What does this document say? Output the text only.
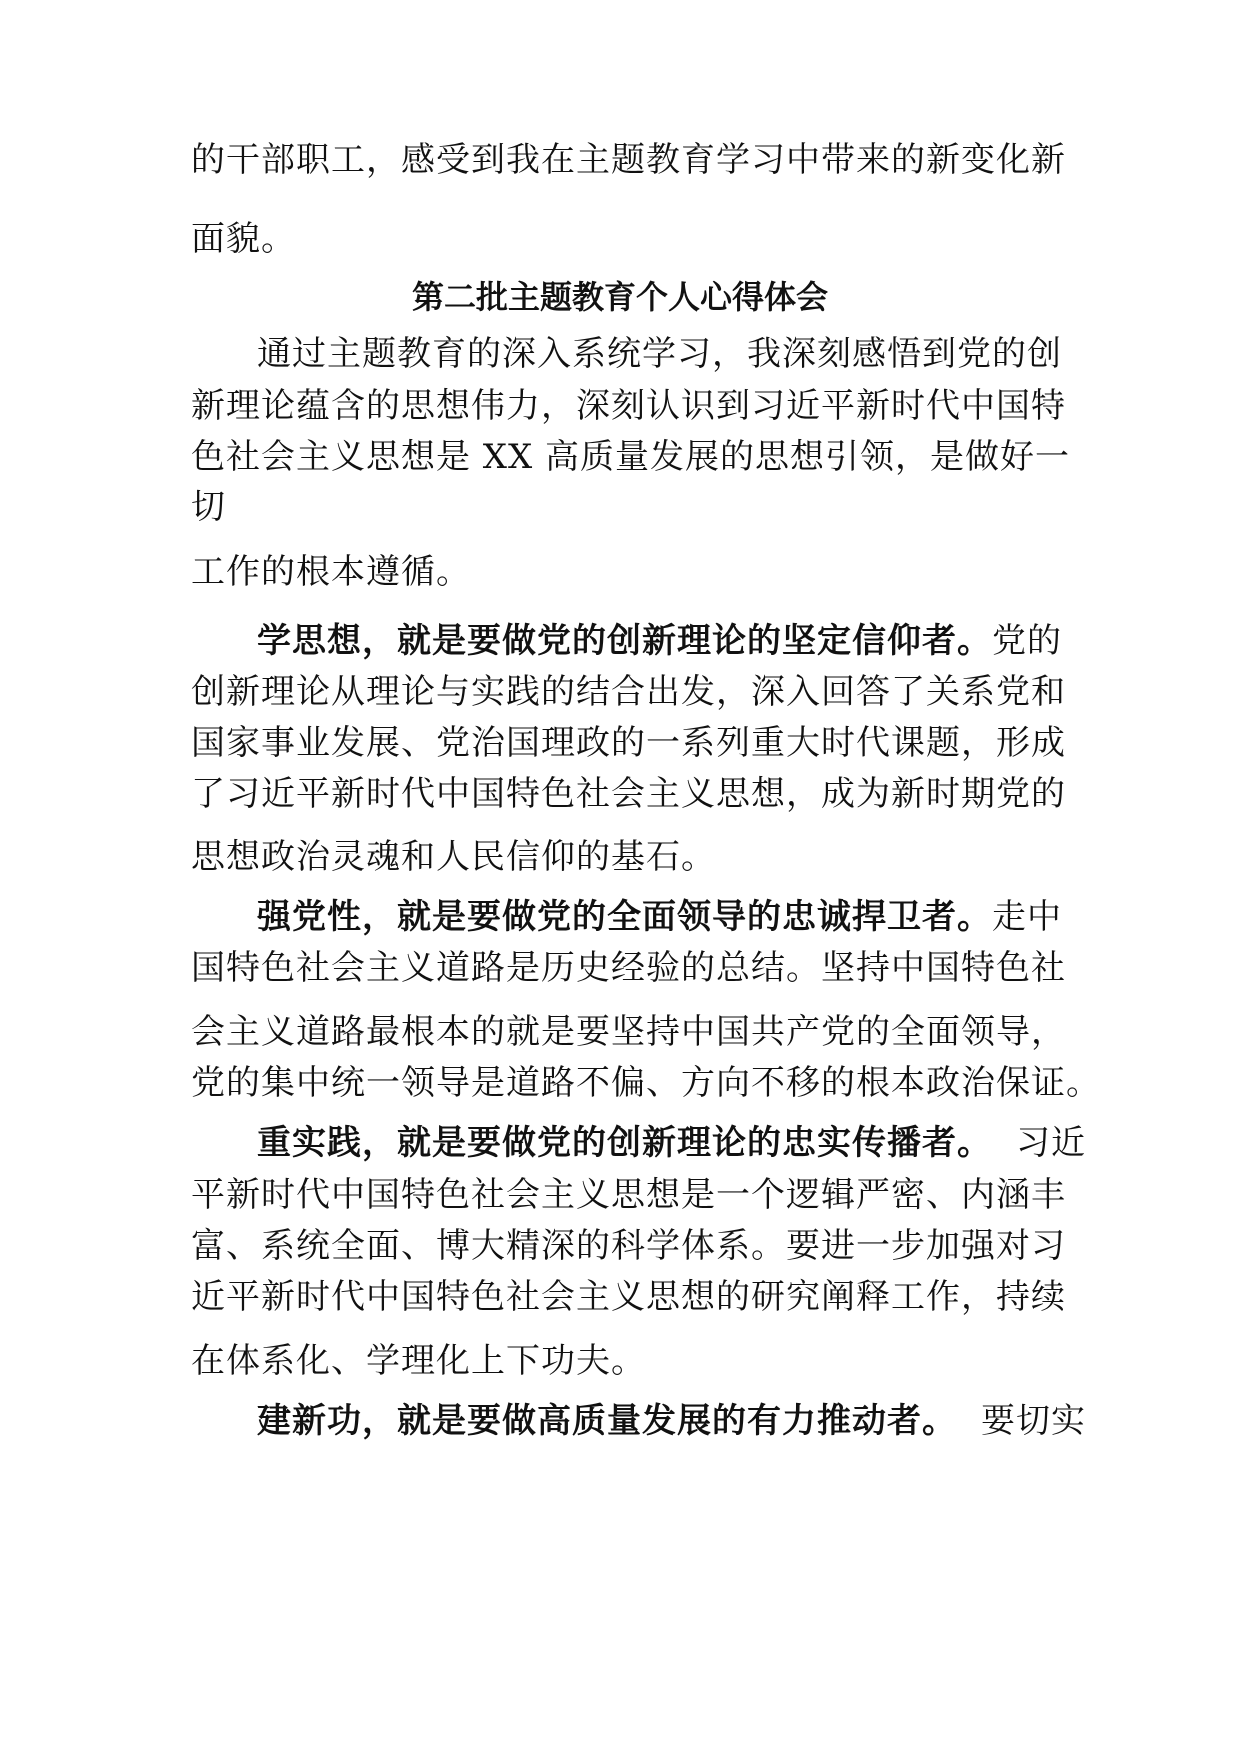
的干部职工，感受到我在主题教育学习中带来的新变化新
面貌。
第二批主题教育个人心得体会
通过主题教育的深入系统学习，我深刻感悟到党的创
新理论蕴含的思想伟力，深刻认识到习近平新时代中国特
色社会主义思想是 XX 高质量发展的思想引领，是做好一
切
工作的根本遵循。
学思想，就是要做党的创新理论的坚定信仰者。党的
创新理论从理论与实践的结合出发，深入回答了关系党和
国家事业发展、党治国理政的一系列重大时代课题，形成
了习近平新时代中国特色社会主义思想，成为新时期党的
思想政治灵魂和人民信仰的基石。
强党性，就是要做党的全面领导的忠诚捍卫者。走中
国特色社会主义道路是历史经验的总结。坚持中国特色社
会主义道路最根本的就是要坚持中国共产党的全面领导，
党的集中统一领导是道路不偏、方向不移的根本政治保证。
重实践，就是要做党的创新理论的忠实传播者。 习近
平新时代中国特色社会主义思想是一个逻辑严密、内涵丰
富、系统全面、博大精深的科学体系。要进一步加强对习
近平新时代中国特色社会主义思想的研究阐释工作，持续
在体系化、学理化上下功夫。
建新功，就是要做高质量发展的有力推动者。 要切实
